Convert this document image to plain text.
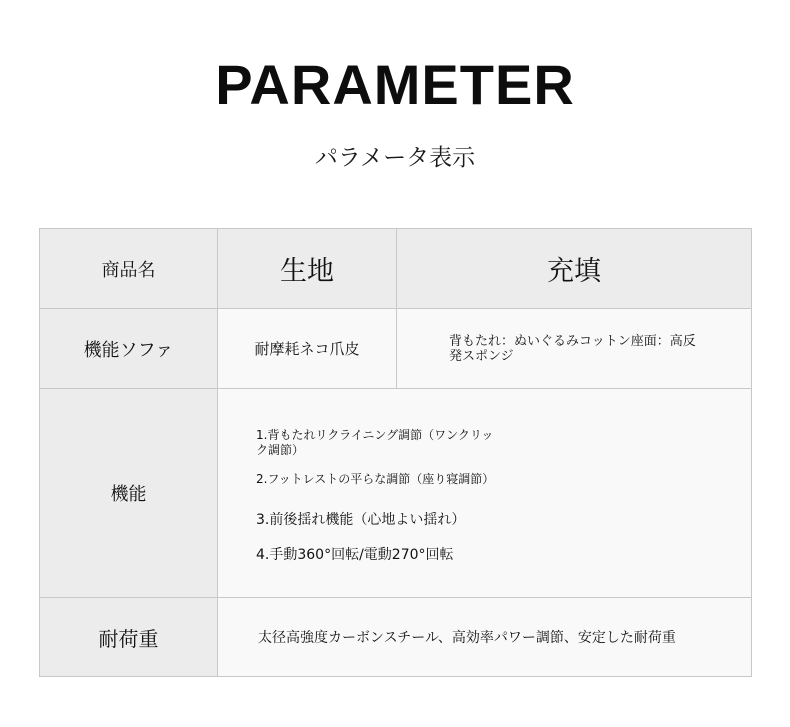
PARAMETER
パラメータ表示
商品名	生地	充填
機能ソファ	耐摩耗ネコ爪皮	背もたれ：ぬいぐるみコットン座面：高反
発スポンジ
機能
1.背もたれリクライニング調節（ワンクリッ
ク調節）
2.フットレストの平らな調節（座り寝調節）
3.前後揺れ機能（心地よい揺れ）
4.手動360°回転/電動270°回転
耐荷重	太径高強度カーボンスチール、高効率パワー調節、安定した耐荷重
